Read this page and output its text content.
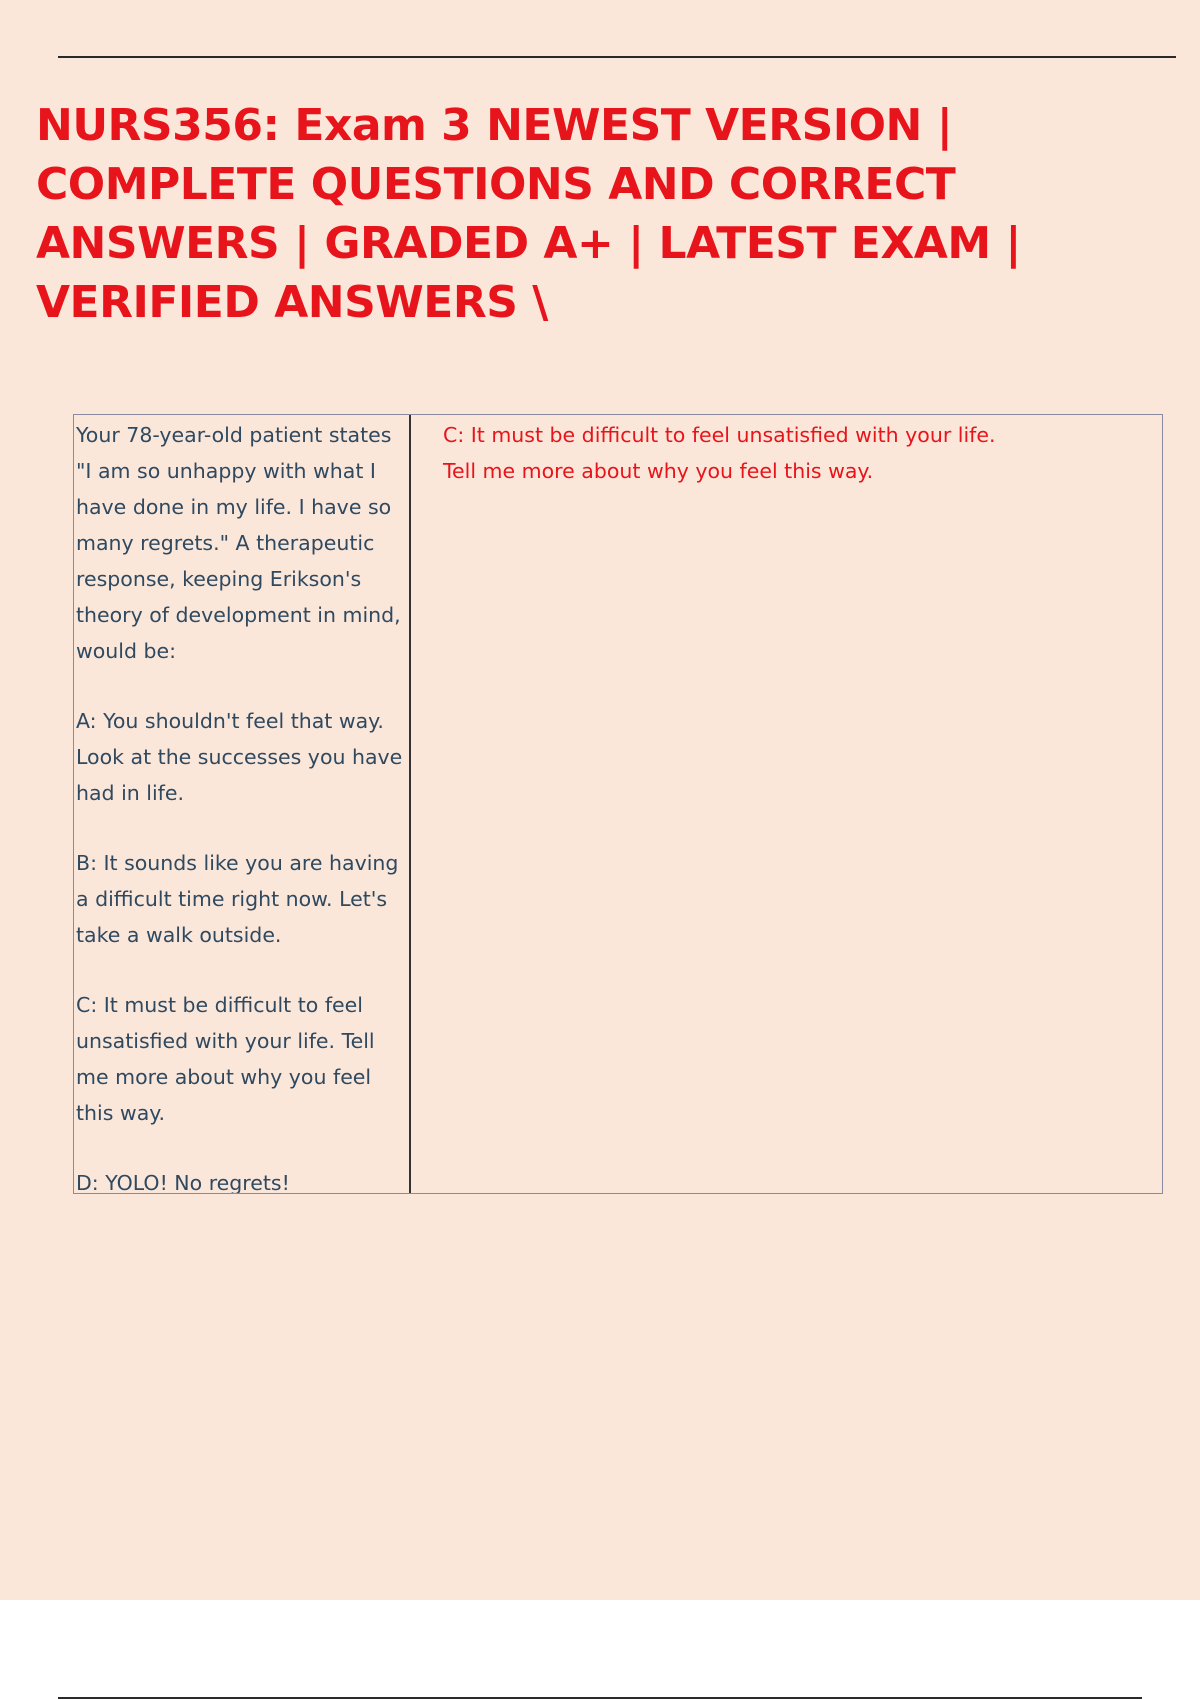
NURS356: Exam 3 NEWEST VERSION | COMPLETE QUESTIONS AND CORRECT ANSWERS | GRADED A+ | LATEST EXAM | VERIFIED ANSWERS \

Your 78-year-old patient states "I am so unhappy with what I have done in my life. I have so many regrets." A therapeutic response, keeping Erikson's theory of development in mind, would be:

A: You shouldn't feel that way. Look at the successes you have had in life.

B: It sounds like you are having a difficult time right now. Let's take a walk outside.

C: It must be difficult to feel unsatisfied with your life. Tell me more about why you feel this way.

D: YOLO! No regrets!

C: It must be difficult to feel unsatisfied with your life. Tell me more about why you feel this way.
